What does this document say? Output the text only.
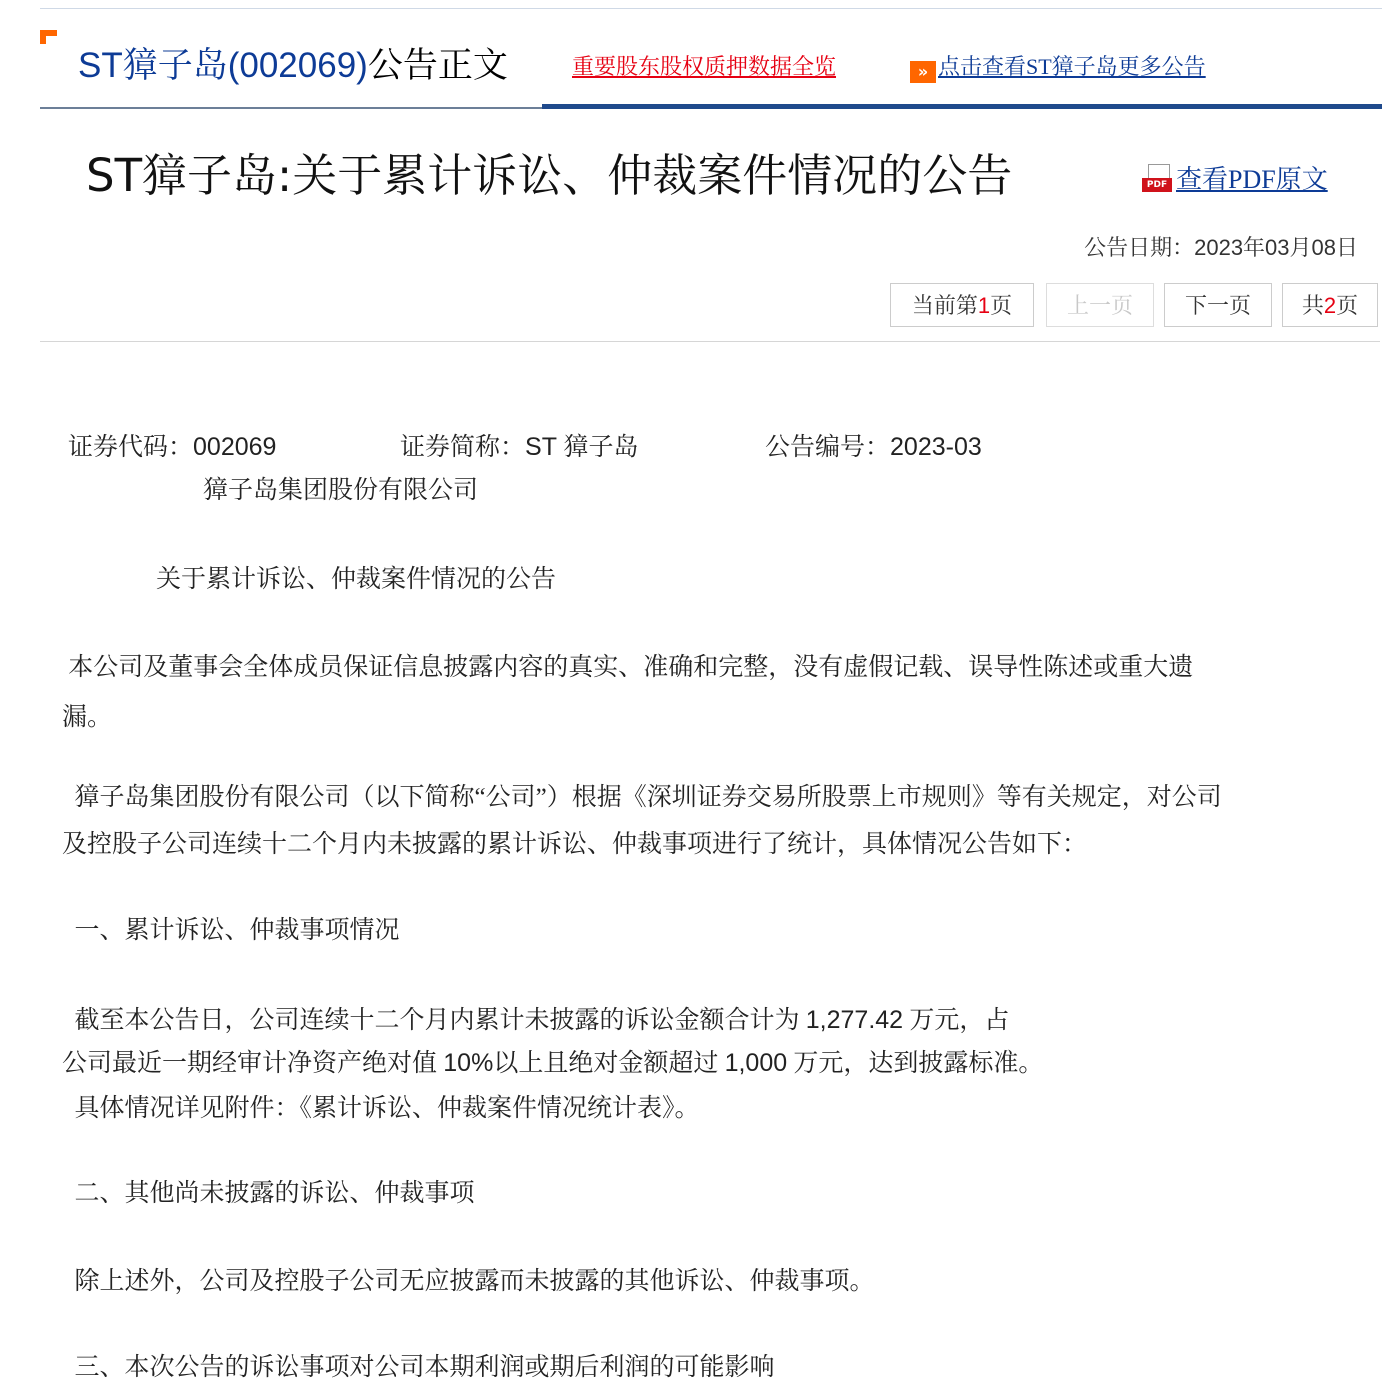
ST獐子岛(002069)公告正文	重要股东股权质押数据全览	» 点击查看ST獐子岛更多公告
ST獐子岛:关于累计诉讼、仲裁案件情况的公告	PDF 查看PDF原文
公告日期：2023年03月08日
当前第1页	上一页	下一页	共2页
证券代码：002069	证券简称：ST 獐子岛	公告编号：2023-03
獐子岛集团股份有限公司
关于累计诉讼、仲裁案件情况的公告
本公司及董事会全体成员保证信息披露内容的真实、准确和完整，没有虚假记载、误导性陈述或重大遗
漏。
獐子岛集团股份有限公司（以下简称“公司”）根据《深圳证券交易所股票上市规则》等有关规定，对公司
及控股子公司连续十二个月内未披露的累计诉讼、仲裁事项进行了统计，具体情况公告如下：
一、累计诉讼、仲裁事项情况
截至本公告日，公司连续十二个月内累计未披露的诉讼金额合计为 1,277.42 万元，占
公司最近一期经审计净资产绝对值 10%以上且绝对金额超过 1,000 万元，达到披露标准。
具体情况详见附件：《累计诉讼、仲裁案件情况统计表》。
二、其他尚未披露的诉讼、仲裁事项
除上述外，公司及控股子公司无应披露而未披露的其他诉讼、仲裁事项。
三、本次公告的诉讼事项对公司本期利润或期后利润的可能影响
